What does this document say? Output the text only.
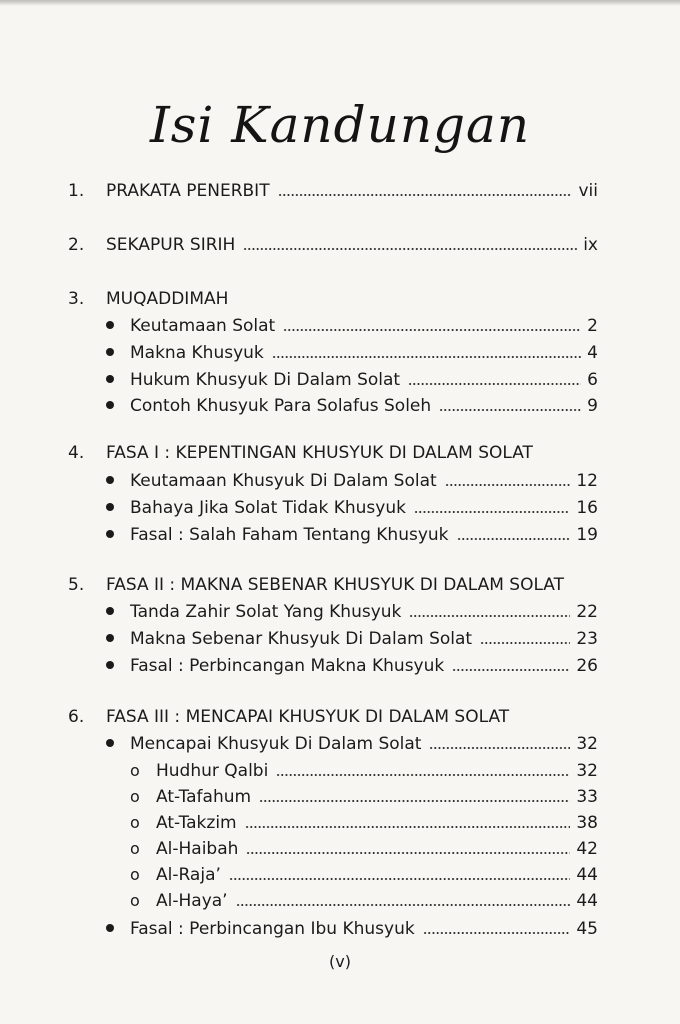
Isi Kandungan
1. PRAKATA PENERBIT	vii
2. SEKAPUR SIRIH	ix
3. MUQADDIMAH
Keutamaan Solat	2
Makna Khusyuk	4
Hukum Khusyuk Di Dalam Solat	6
Contoh Khusyuk Para Solafus Soleh	9
4. FASA I : KEPENTINGAN KHUSYUK DI DALAM SOLAT
Keutamaan Khusyuk Di Dalam Solat	12
Bahaya Jika Solat Tidak Khusyuk	16
Fasal : Salah Faham Tentang Khusyuk	19
5. FASA II : MAKNA SEBENAR KHUSYUK DI DALAM SOLAT
Tanda Zahir Solat Yang Khusyuk	22
Makna Sebenar Khusyuk Di Dalam Solat	23
Fasal : Perbincangan Makna Khusyuk	26
6. FASA III : MENCAPAI KHUSYUK DI DALAM SOLAT
Mencapai Khusyuk Di Dalam Solat	32
o Hudhur Qalbi	32
o At-Tafahum	33
o At-Takzim	38
o Al-Haibah	42
o Al-Raja’	44
o Al-Haya’	44
Fasal : Perbincangan Ibu Khusyuk	45
(v)
